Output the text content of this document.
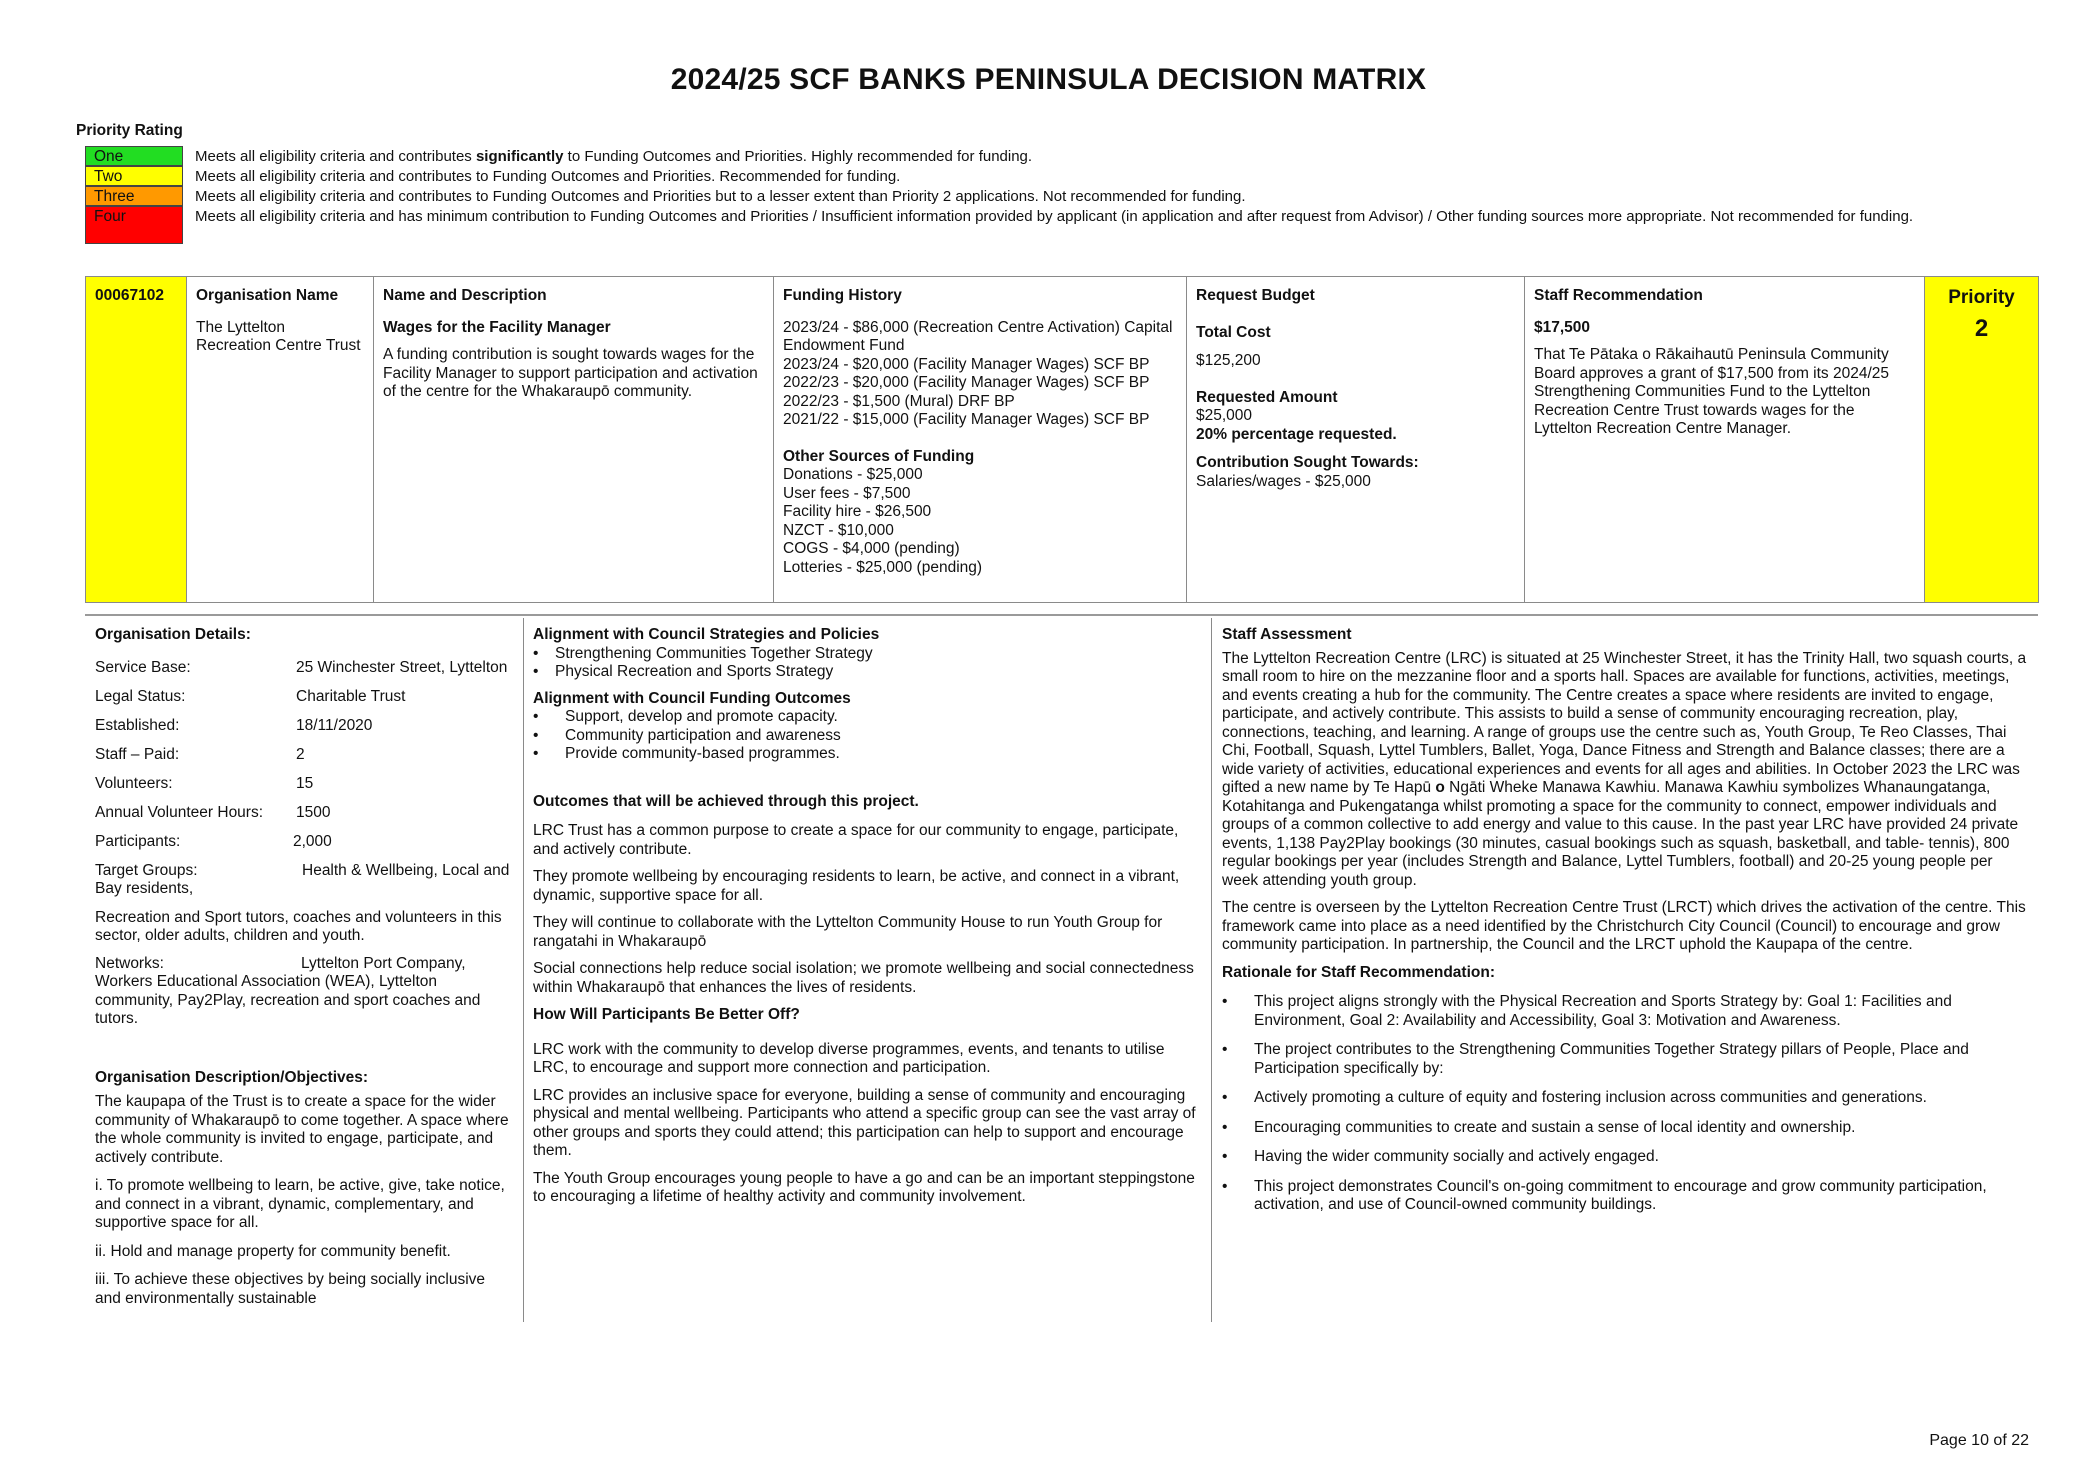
2024/25 SCF BANKS PENINSULA DECISION MATRIX
Priority Rating
One	Meets all eligibility criteria and contributes significantly to Funding Outcomes and Priorities. Highly recommended for funding.
Two	Meets all eligibility criteria and contributes to Funding Outcomes and Priorities. Recommended for funding.
Three	Meets all eligibility criteria and contributes to Funding Outcomes and Priorities but to a lesser extent than Priority 2 applications. Not recommended for funding.
Four	Meets all eligibility criteria and has minimum contribution to Funding Outcomes and Priorities / Insufficient information provided by applicant (in application and after request from Advisor) / Other funding sources more appropriate. Not recommended for funding.
00067102	Organisation Name
The Lyttelton Recreation Centre Trust

Name and Description
Wages for the Facility Manager
A funding contribution is sought towards wages for the Facility Manager to support participation and activation of the centre for the Whakaraupō community.

Funding History
2023/24 - $86,000 (Recreation Centre Activation) Capital Endowment Fund
2023/24 - $20,000 (Facility Manager Wages) SCF BP
2022/23 - $20,000 (Facility Manager Wages) SCF BP
2022/23 - $1,500 (Mural) DRF BP
2021/22 - $15,000 (Facility Manager Wages) SCF BP
Other Sources of Funding
Donations - $25,000
User fees - $7,500
Facility hire - $26,500
NZCT - $10,000
COGS - $4,000 (pending)
Lotteries - $25,000 (pending)

Request Budget
Total Cost
$125,200
Requested Amount
$25,000
20% percentage requested.
Contribution Sought Towards:
Salaries/wages - $25,000

Staff Recommendation
$17,500
That Te Pātaka o Rākaihautū Peninsula Community Board approves a grant of $17,500 from its 2024/25 Strengthening Communities Fund to the Lyttelton Recreation Centre Trust towards wages for the Lyttelton Recreation Centre Manager.

Priority
2
Organisation Details:
Service Base:	25 Winchester Street, Lyttelton
Legal Status:	Charitable Trust
Established:	18/11/2020
Staff – Paid:	2
Volunteers:	15
Annual Volunteer Hours:	1500
Participants:	2,000
Target Groups:	Health & Wellbeing, Local and
Bay residents,

Recreation and Sport tutors, coaches and volunteers in this sector, older adults, children and youth.

Networks:	Lyttelton Port Company,
Workers Educational Association (WEA), Lyttelton community, Pay2Play, recreation and sport coaches and tutors.
Organisation Description/Objectives:

The kaupapa of the Trust is to create a space for the wider community of Whakaraupō to come together. A space where the whole community is invited to engage, participate, and actively contribute.

i. To promote wellbeing to learn, be active, give, take notice, and connect in a vibrant, dynamic, complementary, and supportive space for all.

ii. Hold and manage property for community benefit.

iii. To achieve these objectives by being socially inclusive and environmentally sustainable

Alignment with Council Strategies and Policies
• Strengthening Communities Together Strategy
• Physical Recreation and Sports Strategy
Alignment with Council Funding Outcomes
• Support, develop and promote capacity.
• Community participation and awareness
• Provide community-based programmes.
Outcomes that will be achieved through this project.

LRC Trust has a common purpose to create a space for our community to engage, participate, and actively contribute.

They promote wellbeing by encouraging residents to learn, be active, and connect in a vibrant, dynamic, supportive space for all.

They will continue to collaborate with the Lyttelton Community House to run Youth Group for rangatahi in Whakaraupō

Social connections help reduce social isolation; we promote wellbeing and social connectedness within Whakaraupō that enhances the lives of residents.

How Will Participants Be Better Off?

LRC work with the community to develop diverse programmes, events, and tenants to utilise LRC, to encourage and support more connection and participation.

LRC provides an inclusive space for everyone, building a sense of community and encouraging physical and mental wellbeing. Participants who attend a specific group can see the vast array of other groups and sports they could attend; this participation can help to support and encourage them.

The Youth Group encourages young people to have a go and can be an important steppingstone to encouraging a lifetime of healthy activity and community involvement.

Staff Assessment

The Lyttelton Recreation Centre (LRC) is situated at 25 Winchester Street, it has the Trinity Hall, two squash courts, a small room to hire on the mezzanine floor and a sports hall. Spaces are available for functions, activities, meetings, and events creating a hub for the community. The Centre creates a space where residents are invited to engage, participate, and actively contribute. This assists to build a sense of community encouraging recreation, play, connections, teaching, and learning. A range of groups use the centre such as, Youth Group, Te Reo Classes, Thai Chi, Football, Squash, Lyttel Tumblers, Ballet, Yoga, Dance Fitness and Strength and Balance classes; there are a wide variety of activities, educational experiences and events for all ages and abilities. In October 2023 the LRC was gifted a new name by Te Hapū o Ngāti Wheke Manawa Kawhiu. Manawa Kawhiu symbolizes Whanaungatanga, Kotahitanga and Pukengatanga whilst promoting a space for the community to connect, empower individuals and groups of a common collective to add energy and value to this cause. In the past year LRC have provided 24 private events, 1,138 Pay2Play bookings (30 minutes, casual bookings such as squash, basketball, and table- tennis), 800 regular bookings per year (includes Strength and Balance, Lyttel Tumblers, football) and 20-25 young people per week attending youth group.

The centre is overseen by the Lyttelton Recreation Centre Trust (LRCT) which drives the activation of the centre. This framework came into place as a need identified by the Christchurch City Council (Council) to encourage and grow community participation. In partnership, the Council and the LRCT uphold the Kaupapa of the centre.

Rationale for Staff Recommendation:
• This project aligns strongly with the Physical Recreation and Sports Strategy by: Goal 1: Facilities and Environment, Goal 2: Availability and Accessibility, Goal 3: Motivation and Awareness.
• The project contributes to the Strengthening Communities Together Strategy pillars of People, Place and Participation specifically by:
• Actively promoting a culture of equity and fostering inclusion across communities and generations.
• Encouraging communities to create and sustain a sense of local identity and ownership.
• Having the wider community socially and actively engaged.
• This project demonstrates Council's on-going commitment to encourage and grow community participation, activation, and use of Council-owned community buildings.
Page 10 of 22
